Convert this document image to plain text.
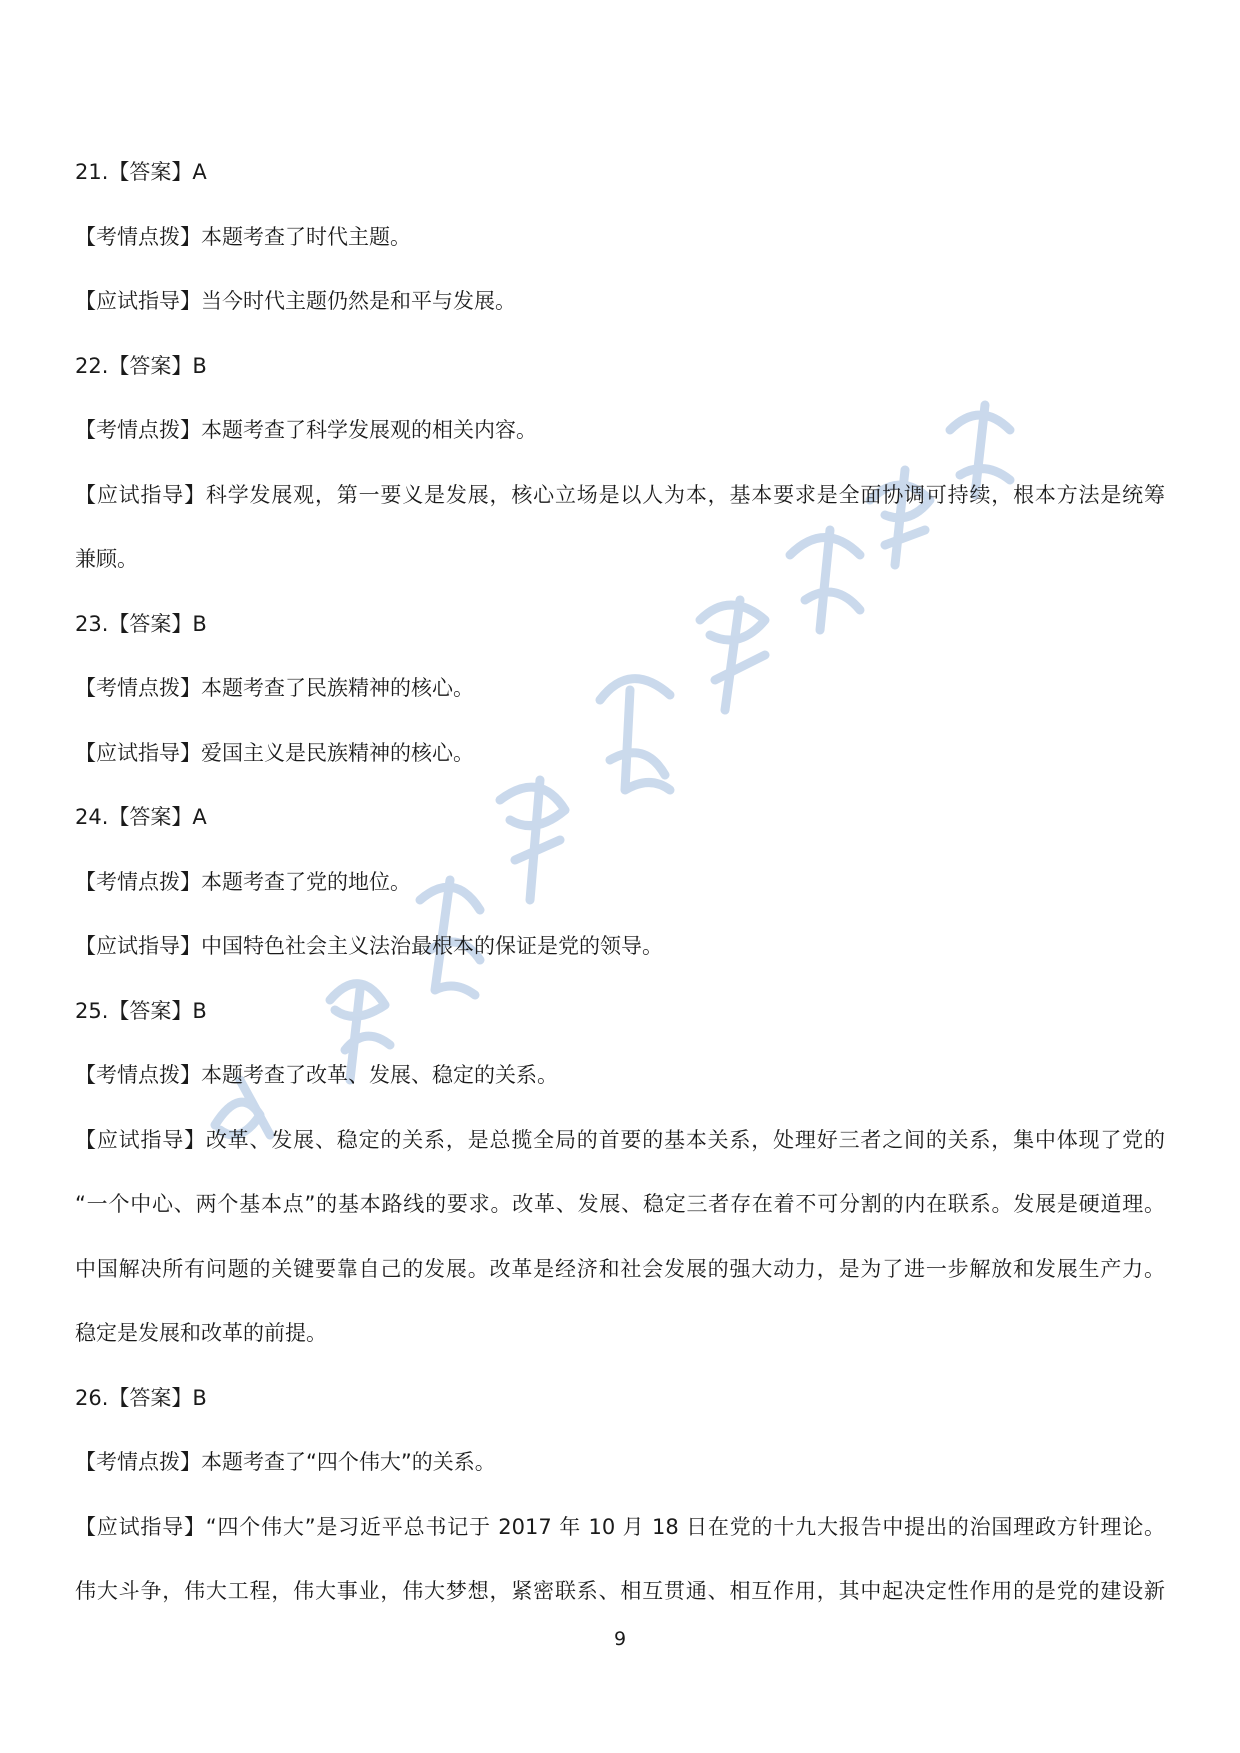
21.【答案】A
【考情点拨】本题考查了时代主题。
【应试指导】当今时代主题仍然是和平与发展。
22.【答案】B
【考情点拨】本题考查了科学发展观的相关内容。
【应试指导】科学发展观，第一要义是发展，核心立场是以人为本，基本要求是全面协调可持续，根本方法是统筹
兼顾。
23.【答案】B
【考情点拨】本题考查了民族精神的核心。
【应试指导】爱国主义是民族精神的核心。
24.【答案】A
【考情点拨】本题考查了党的地位。
【应试指导】中国特色社会主义法治最根本的保证是党的领导。
25.【答案】B
【考情点拨】本题考查了改革、发展、稳定的关系。
【应试指导】改革、发展、稳定的关系，是总揽全局的首要的基本关系，处理好三者之间的关系，集中体现了党的
“一个中心、两个基本点”的基本路线的要求。改革、发展、稳定三者存在着不可分割的内在联系。发展是硬道理。
中国解决所有问题的关键要靠自己的发展。改革是经济和社会发展的强大动力，是为了进一步解放和发展生产力。
稳定是发展和改革的前提。
26.【答案】B
【考情点拨】本题考查了“四个伟大”的关系。
【应试指导】“四个伟大”是习近平总书记于 2017 年 10 月 18 日在党的十九大报告中提出的治国理政方针理论。
伟大斗争，伟大工程，伟大事业，伟大梦想，紧密联系、相互贯通、相互作用，其中起决定性作用的是党的建设新
9
